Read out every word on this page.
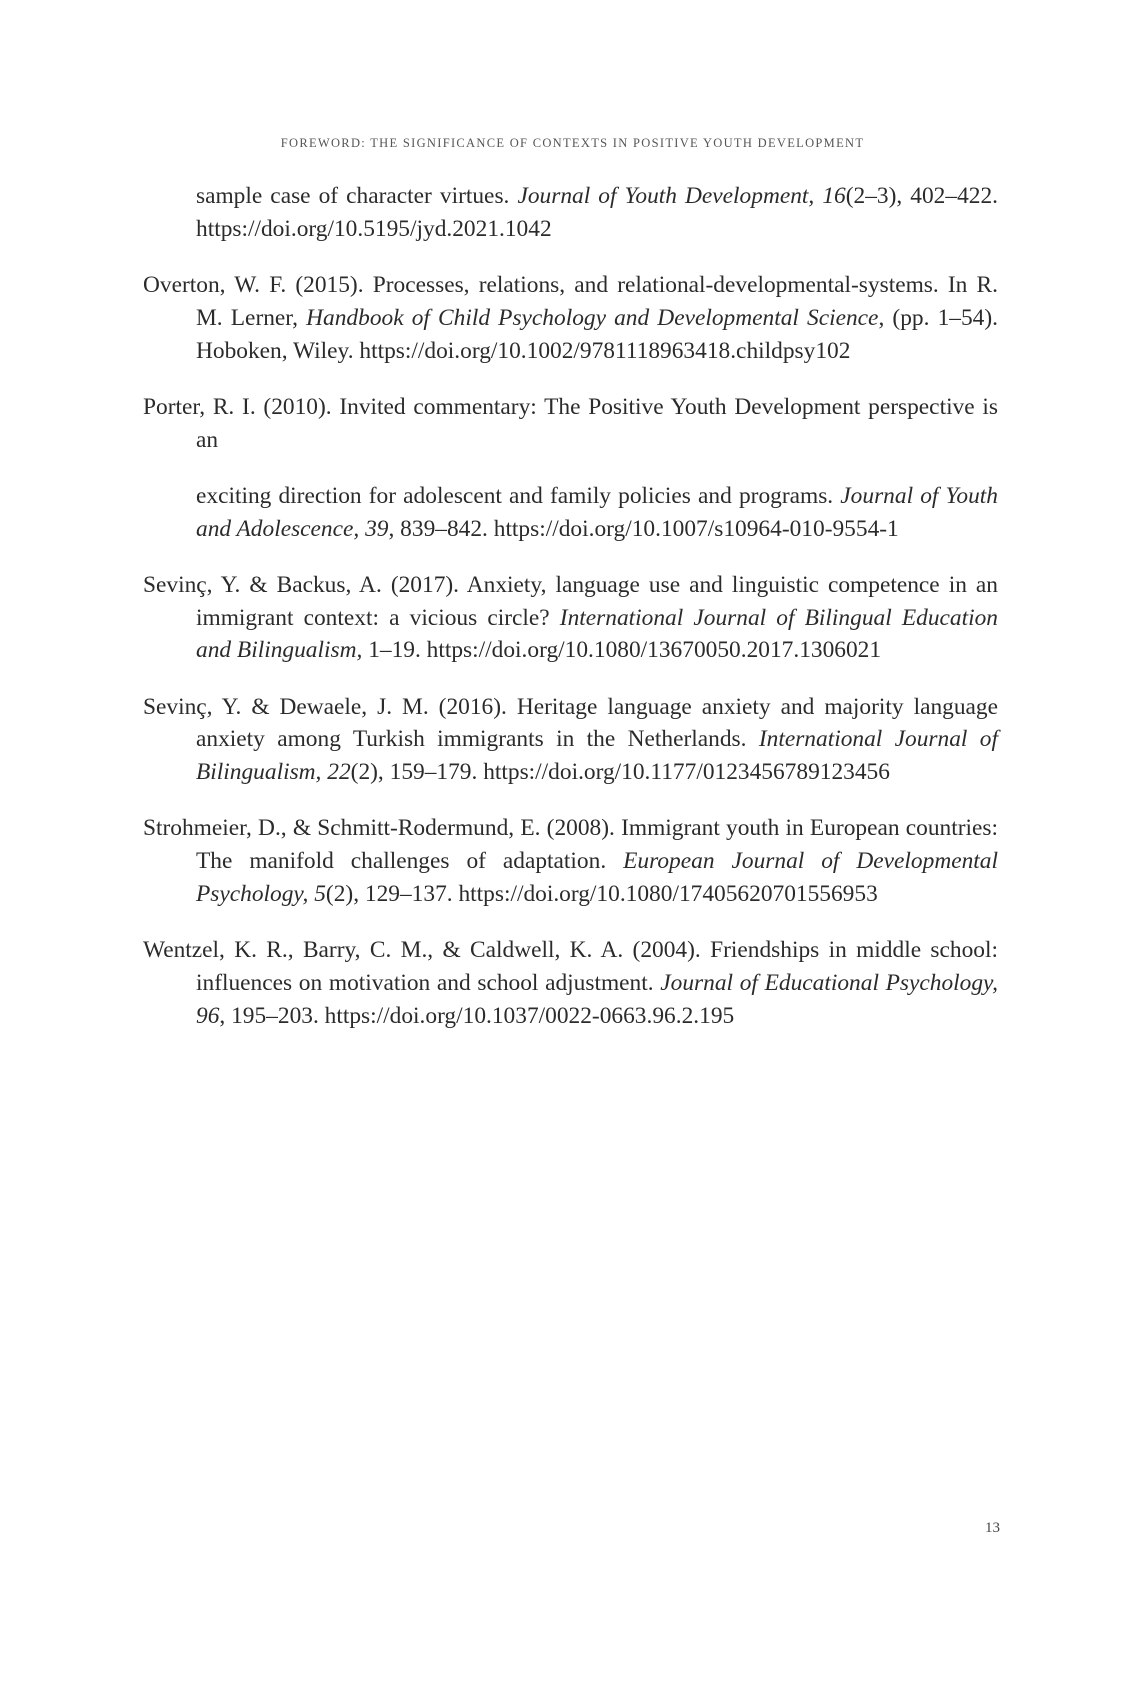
FOREWORD: THE SIGNIFICANCE OF CONTEXTS IN POSITIVE YOUTH DEVELOPMENT

sample case of character virtues. Journal of Youth Development, 16(2–3), 402–422. https://doi.org/10.5195/jyd.2021.1042

Overton, W. F. (2015). Processes, relations, and relational-developmental-systems. In R. M. Lerner, Handbook of Child Psychology and Developmental Science, (pp. 1–54). Hoboken, Wiley. https://doi.org/10.1002/9781118963418.childpsy102

Porter, R. I. (2010). Invited commentary: The Positive Youth Development perspective is an

exciting direction for adolescent and family policies and programs. Journal of Youth and Adolescence, 39, 839–842. https://doi.org/10.1007/s10964-010-9554-1

Sevinç, Y. & Backus, A. (2017). Anxiety, language use and linguistic competence in an immigrant context: a vicious circle? International Journal of Bilingual Education and Bilingualism, 1–19. https://doi.org/10.1080/13670050.2017.1306021

Sevinç, Y. & Dewaele, J. M. (2016). Heritage language anxiety and majority language anxiety among Turkish immigrants in the Netherlands. International Journal of Bilingualism, 22(2), 159–179. https://doi.org/10.1177/0123456789123456

Strohmeier, D., & Schmitt-Rodermund, E. (2008). Immigrant youth in European countries: The manifold challenges of adaptation. European Journal of Developmental Psychology, 5(2), 129–137. https://doi.org/10.1080/17405620701556953

Wentzel, K. R., Barry, C. M., & Caldwell, K. A. (2004). Friendships in middle school: influences on motivation and school adjustment. Journal of Educational Psychology, 96, 195–203. https://doi.org/10.1037/0022-0663.96.2.195

13
